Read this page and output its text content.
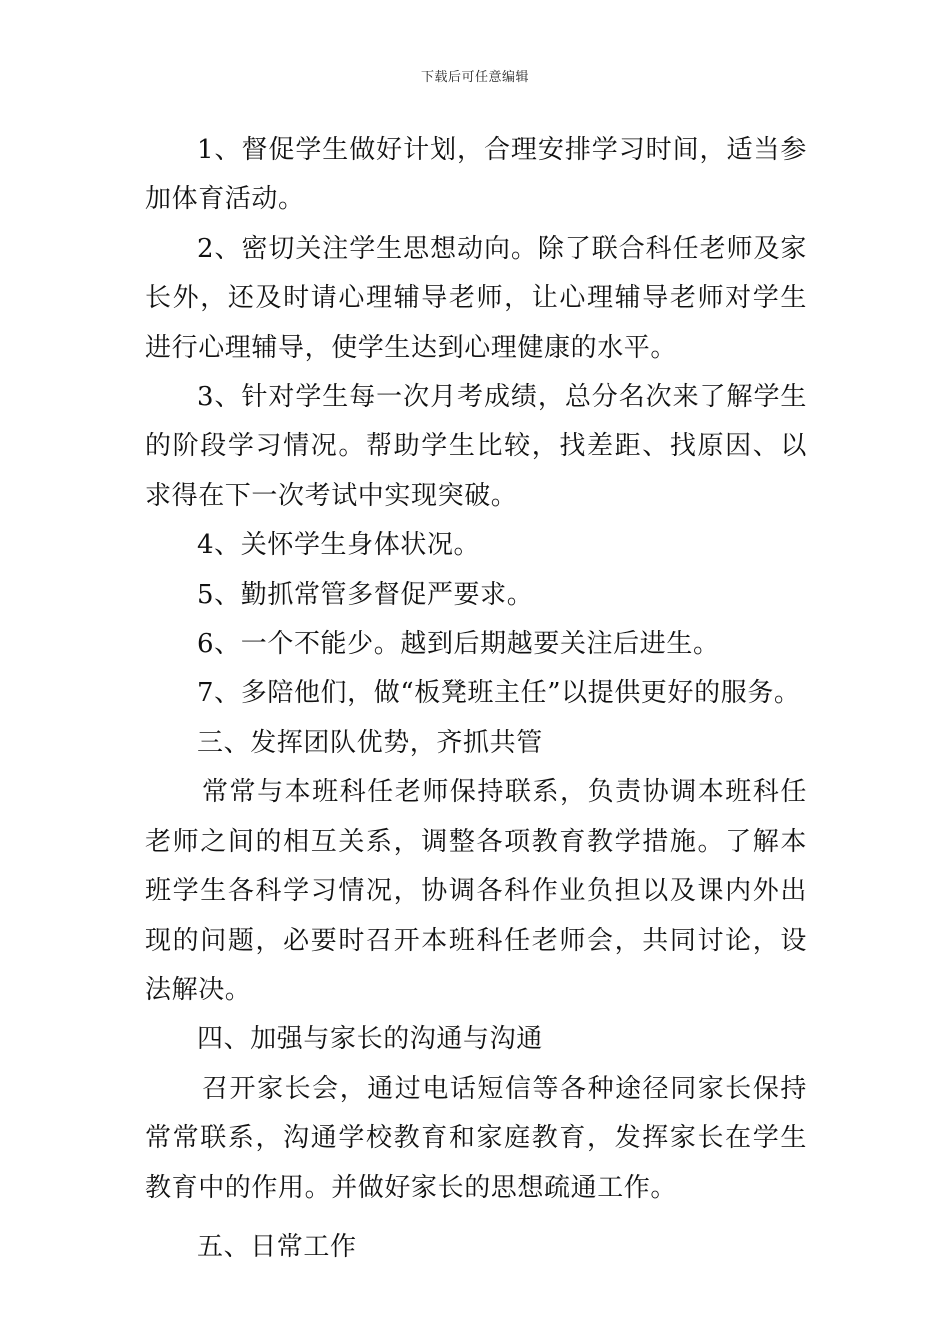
下载后可任意编辑

1、督促学生做好计划，合理安排学习时间，适当参加体育活动。

2、密切关注学生思想动向。除了联合科任老师及家长外，还及时请心理辅导老师，让心理辅导老师对学生进行心理辅导，使学生达到心理健康的水平。

3、针对学生每一次月考成绩，总分名次来了解学生的阶段学习情况。帮助学生比较，找差距、找原因、以求得在下一次考试中实现突破。

4、关怀学生身体状况。

5、勤抓常管多督促严要求。

6、一个不能少。越到后期越要关注后进生。

7、多陪他们，做“板凳班主任”以提供更好的服务。

三、发挥团队优势，齐抓共管

常常与本班科任老师保持联系，负责协调本班科任老师之间的相互关系，调整各项教育教学措施。了解本班学生各科学习情况，协调各科作业负担以及课内外出现的问题，必要时召开本班科任老师会，共同讨论，设法解决。

四、加强与家长的沟通与沟通

召开家长会，通过电话短信等各种途径同家长保持常常联系，沟通学校教育和家庭教育，发挥家长在学生教育中的作用。并做好家长的思想疏通工作。

五、日常工作
